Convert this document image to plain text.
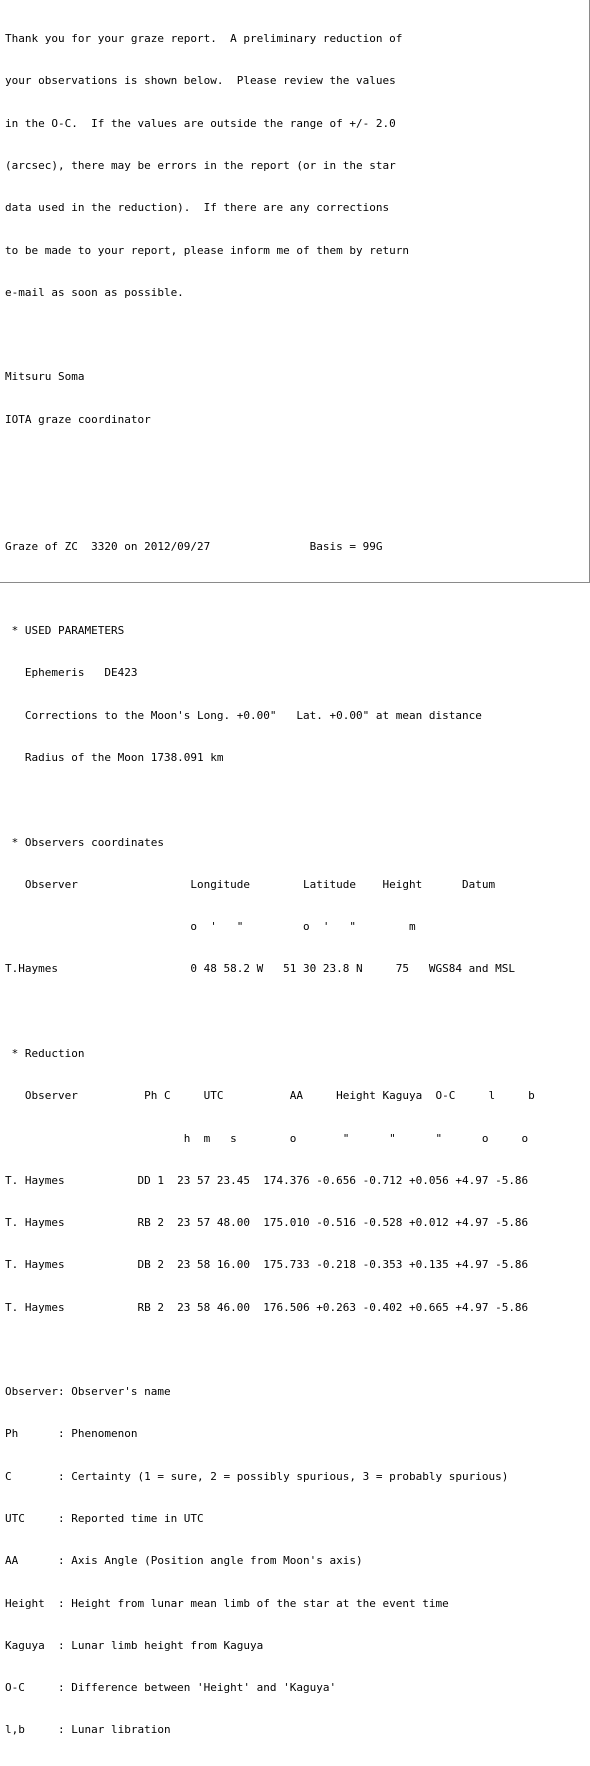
Thank you for your graze report.  A preliminary reduction of

your observations is shown below.  Please review the values

in the O-C.  If the values are outside the range of +/- 2.0

(arcsec), there may be errors in the report (or in the star

data used in the reduction).  If there are any corrections

to be made to your report, please inform me of them by return

e-mail as soon as possible.

Mitsuru Soma

IOTA graze coordinator

Graze of ZC  3320 on 2012/09/27               Basis = 99G

* USED PARAMETERS

Ephemeris   DE423

Corrections to the Moon's Long. +0.00"   Lat. +0.00" at mean distance

Radius of the Moon 1738.091 km

* Observers coordinates

Observer                 Longitude        Latitude    Height      Datum

o  '   "         o  '   "        m

T.Haymes                    0 48 58.2 W   51 30 23.8 N     75   WGS84 and MSL

* Reduction

Observer          Ph C     UTC          AA     Height Kaguya  O-C     l     b

h  m   s        o       "      "      "      o     o

T. Haymes           DD 1  23 57 23.45  174.376 -0.656 -0.712 +0.056 +4.97 -5.86

T. Haymes           RB 2  23 57 48.00  175.010 -0.516 -0.528 +0.012 +4.97 -5.86

T. Haymes           DB 2  23 58 16.00  175.733 -0.218 -0.353 +0.135 +4.97 -5.86

T. Haymes           RB 2  23 58 46.00  176.506 +0.263 -0.402 +0.665 +4.97 -5.86

Observer: Observer's name

Ph      : Phenomenon

C       : Certainty (1 = sure, 2 = possibly spurious, 3 = probably spurious)

UTC     : Reported time in UTC

AA      : Axis Angle (Position angle from Moon's axis)

Height  : Height from lunar mean limb of the star at the event time

Kaguya  : Lunar limb height from Kaguya

O-C     : Difference between 'Height' and 'Kaguya'

l,b     : Lunar libration
